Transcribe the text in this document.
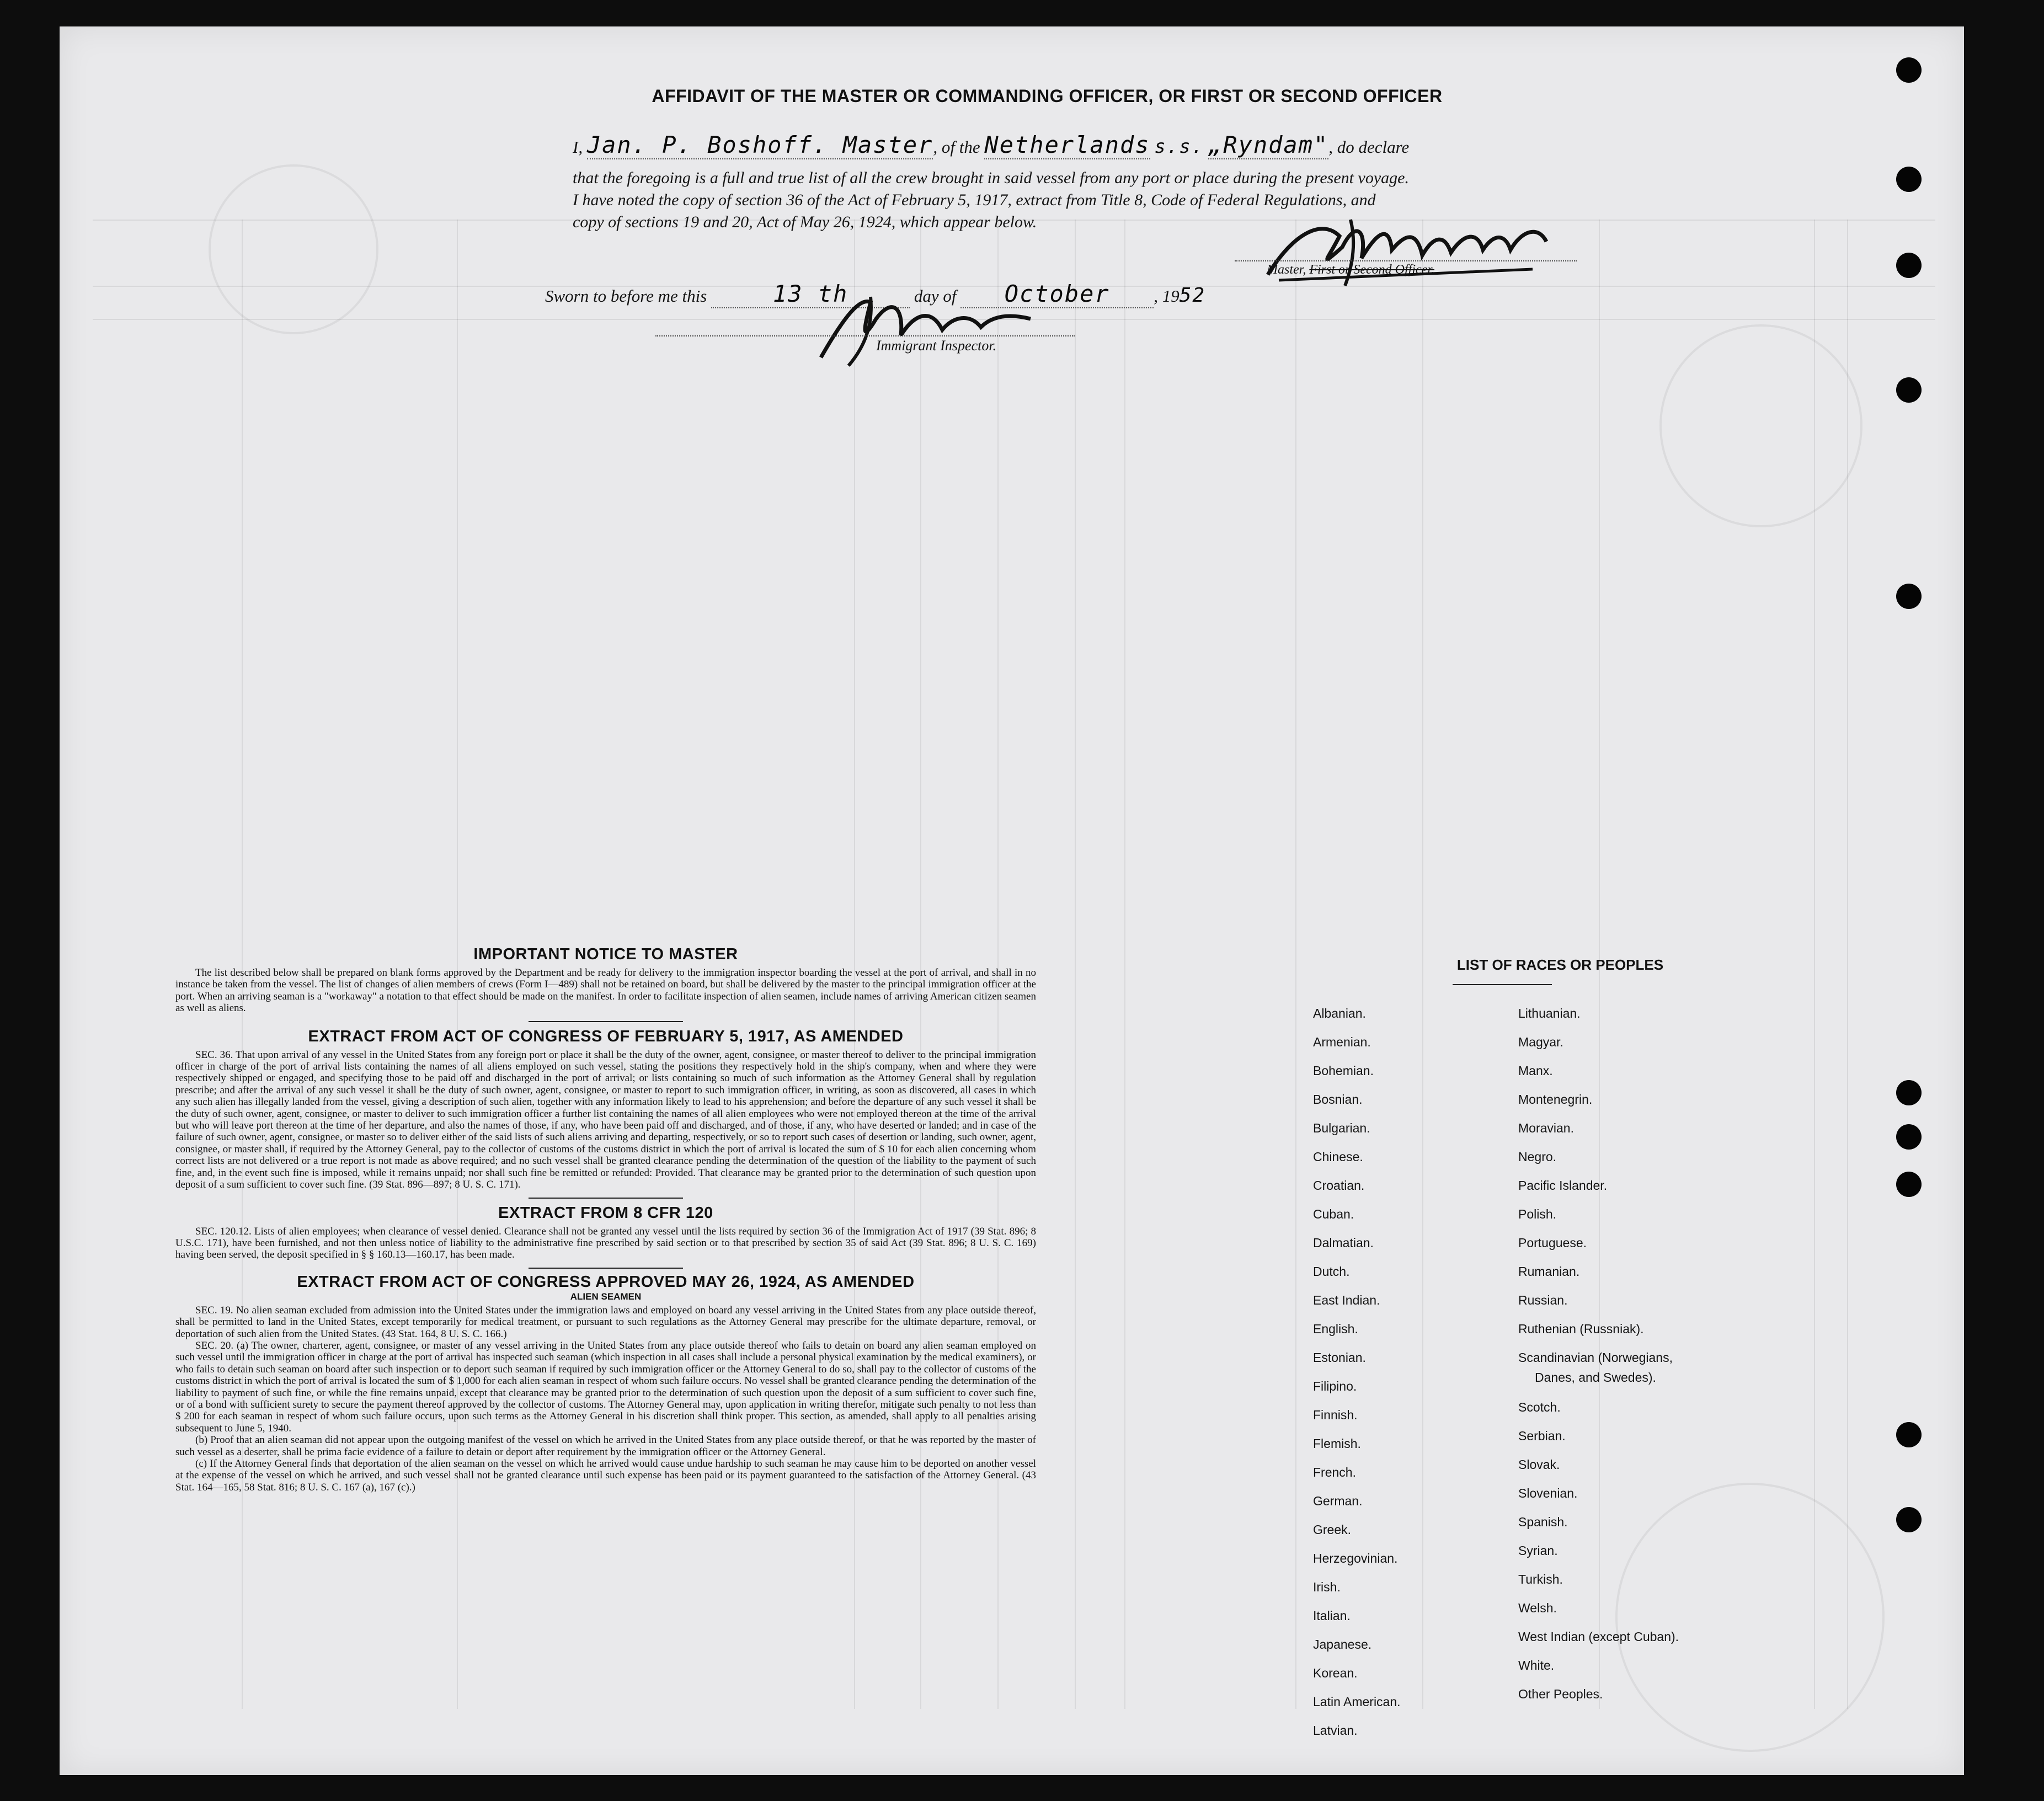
AFFIDAVIT OF THE MASTER OR COMMANDING OFFICER, OR FIRST OR SECOND OFFICER
I, Jan. P. Boshoff. Master, of the Netherlands s.s. „Ryndam", do declare
that the foregoing is a full and true list of all the crew brought in said vessel from any port or place during the present voyage.
I have noted the copy of section 36 of the Act of February 5, 1917, extract from Title 8, Code of Federal Regulations, and
copy of sections 19 and 20, Act of May 26, 1924, which appear below.
Master, First or Second Officer.
Sworn to before me this	13 th	day of October	, 1952
Immigrant Inspector.

IMPORTANT NOTICE TO MASTER

The list described below shall be prepared on blank forms approved by the Department and be ready for delivery to the immigration inspector boarding the vessel at the port of arrival, and shall in no instance be taken from the vessel. The list of changes of alien members of crews (Form I—489) shall not be retained on board, but shall be delivered by the master to the principal immigration officer at the port. When an arriving seaman is a "workaway" a notation to that effect should be made on the manifest. In order to facilitate inspection of alien seamen, include names of arriving American citizen seamen as well as aliens.

EXTRACT FROM ACT OF CONGRESS OF FEBRUARY 5, 1917, AS AMENDED

SEC. 36. That upon arrival of any vessel in the United States from any foreign port or place it shall be the duty of the owner, agent, consignee, or master thereof to deliver to the principal immigration officer in charge of the port of arrival lists containing the names of all aliens employed on such vessel, stating the positions they respectively hold in the ship's company, when and where they were respectively shipped or engaged, and specifying those to be paid off and discharged in the port of arrival; or lists containing so much of such information as the Attorney General shall by regulation prescribe; and after the arrival of any such vessel it shall be the duty of such owner, agent, consignee, or master to report to such immigration officer, in writing, as soon as discovered, all cases in which any such alien has illegally landed from the vessel, giving a description of such alien, together with any information likely to lead to his apprehension; and before the departure of any such vessel it shall be the duty of such owner, agent, consignee, or master to deliver to such immigration officer a further list containing the names of all alien employees who were not employed thereon at the time of the arrival but who will leave port thereon at the time of her departure, and also the names of those, if any, who have been paid off and discharged, and of those, if any, who have deserted or landed; and in case of the failure of such owner, agent, consignee, or master so to deliver either of the said lists of such aliens arriving and departing, respectively, or so to report such cases of desertion or landing, such owner, agent, consignee, or master shall, if required by the Attorney General, pay to the collector of customs of the customs district in which the port of arrival is located the sum of $ 10 for each alien concerning whom correct lists are not delivered or a true report is not made as above required; and no such vessel shall be granted clearance pending the determination of the question of the liability to the payment of such fine, and, in the event such fine is imposed, while it remains unpaid; nor shall such fine be remitted or refunded: Provided. That clearance may be granted prior to the determination of such question upon deposit of a sum sufficient to cover such fine. (39 Stat. 896—897; 8 U. S. C. 171).

EXTRACT FROM 8 CFR 120

SEC. 120.12. Lists of alien employees; when clearance of vessel denied. Clearance shall not be granted any vessel until the lists required by section 36 of the Immigration Act of 1917 (39 Stat. 896; 8 U.S.C. 171), have been furnished, and not then unless notice of liability to the administrative fine prescribed by said section or to that prescribed by section 35 of said Act (39 Stat. 896; 8 U. S. C. 169) having been served, the deposit specified in § § 160.13—160.17, has been made.

EXTRACT FROM ACT OF CONGRESS APPROVED MAY 26, 1924, AS AMENDED

ALIEN SEAMEN

SEC. 19. No alien seaman excluded from admission into the United States under the immigration laws and employed on board any vessel arriving in the United States from any place outside thereof, shall be permitted to land in the United States, except temporarily for medical treatment, or pursuant to such regulations as the Attorney General may prescribe for the ultimate departure, removal, or deportation of such alien from the United States. (43 Stat. 164, 8 U. S. C. 166.)

SEC. 20. (a) The owner, charterer, agent, consignee, or master of any vessel arriving in the United States from any place outside thereof who fails to detain on board any alien seaman employed on such vessel until the immigration officer in charge at the port of arrival has inspected such seaman (which inspection in all cases shall include a personal physical examination by the medical examiners), or who fails to detain such seaman on board after such inspection or to deport such seaman if required by such immigration officer or the Attorney General to do so, shall pay to the collector of customs of the customs district in which the port of arrival is located the sum of $ 1,000 for each alien seaman in respect of whom such failure occurs. No vessel shall be granted clearance pending the determination of the liability to payment of such fine, or while the fine remains unpaid, except that clearance may be granted prior to the determination of such question upon the deposit of a sum sufficient to cover such fine, or of a bond with sufficient surety to secure the payment thereof approved by the collector of customs. The Attorney General may, upon application in writing therefor, mitigate such penalty to not less than $ 200 for each seaman in respect of whom such failure occurs, upon such terms as the Attorney General in his discretion shall think proper. This section, as amended, shall apply to all penalties arising subsequent to June 5, 1940.

(b) Proof that an alien seaman did not appear upon the outgoing manifest of the vessel on which he arrived in the United States from any place outside thereof, or that he was reported by the master of such vessel as a deserter, shall be prima facie evidence of a failure to detain or deport after requirement by the immigration officer or the Attorney General.

(c) If the Attorney General finds that deportation of the alien seaman on the vessel on which he arrived would cause undue hardship to such seaman he may cause him to be deported on another vessel at the expense of the vessel on which he arrived, and such vessel shall not be granted clearance until such expense has been paid or its payment guaranteed to the satisfaction of the Attorney General. (43 Stat. 164—165, 58 Stat. 816; 8 U. S. C. 167 (a), 167 (c).)

LIST OF RACES OR PEOPLES
Albanian.
Armenian.
Bohemian.
Bosnian.
Bulgarian.
Chinese.
Croatian.
Cuban.
Dalmatian.
Dutch.
East Indian.
English.
Estonian.
Filipino.
Finnish.
Flemish.
French.
German.
Greek.
Herzegovinian.
Irish.
Italian.
Japanese.
Korean.
Latin American.
Latvian.
Lithuanian.
Magyar.
Manx.
Montenegrin.
Moravian.
Negro.
Pacific Islander.
Polish.
Portuguese.
Rumanian.
Russian.
Ruthenian (Russniak).
Scandinavian (Norwegians,
Danes, and Swedes).
Scotch.
Serbian.
Slovak.
Slovenian.
Spanish.
Syrian.
Turkish.
Welsh.
West Indian (except Cuban).
White.
Other Peoples.
